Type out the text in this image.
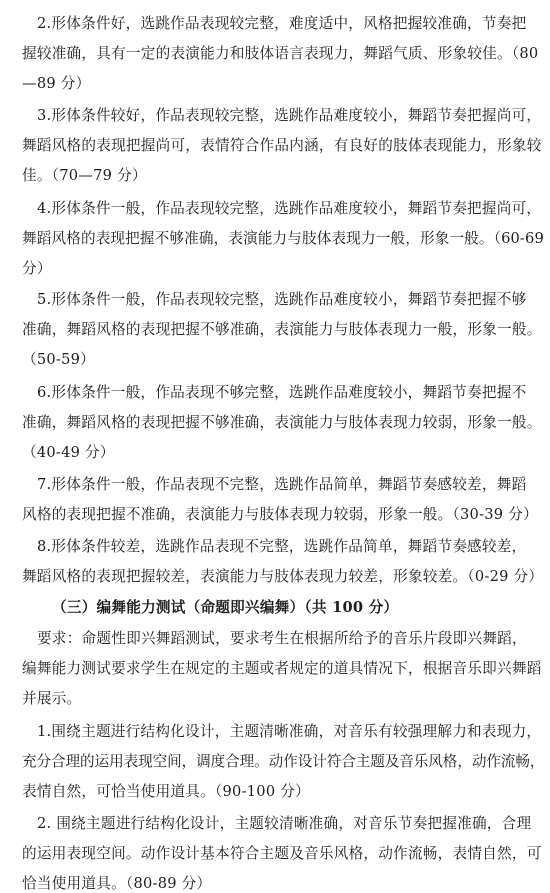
2.形体条件好，选跳作品表现较完整，难度适中，风格把握较准确，节奏把
握较准确，具有一定的表演能力和肢体语言表现力，舞蹈气质、形象较佳。（80
—89 分）
3.形体条件较好，作品表现较完整，选跳作品难度较小，舞蹈节奏把握尚可，
舞蹈风格的表现把握尚可，表情符合作品内涵，有良好的肢体表现能力，形象较
佳。（70—79 分）
4.形体条件一般，作品表现较完整，选跳作品难度较小，舞蹈节奏把握尚可，
舞蹈风格的表现把握不够准确，表演能力与肢体表现力一般，形象一般。（60-69
分）
5.形体条件一般，作品表现较完整，选跳作品难度较小，舞蹈节奏把握不够
准确，舞蹈风格的表现把握不够准确，表演能力与肢体表现力一般，形象一般。
（50-59）
6.形体条件一般，作品表现不够完整，选跳作品难度较小，舞蹈节奏把握不
准确，舞蹈风格的表现把握不够准确，表演能力与肢体表现力较弱，形象一般。
（40-49 分）
7.形体条件一般，作品表现不完整，选跳作品简单，舞蹈节奏感较差，舞蹈
风格的表现把握不准确，表演能力与肢体表现力较弱，形象一般。（30-39 分）
8.形体条件较差，选跳作品表现不完整，选跳作品简单，舞蹈节奏感较差，
舞蹈风格的表现把握较差，表演能力与肢体表现力较差，形象较差。（0-29 分）
（三）编舞能力测试（命题即兴编舞）（共 100 分）
要求：命题性即兴舞蹈测试，要求考生在根据所给予的音乐片段即兴舞蹈，
编舞能力测试要求学生在规定的主题或者规定的道具情况下，根据音乐即兴舞蹈
并展示。
1.围绕主题进行结构化设计，主题清晰准确，对音乐有较强理解力和表现力，
充分合理的运用表现空间，调度合理。动作设计符合主题及音乐风格，动作流畅，
表情自然，可恰当使用道具。（90-100 分）
2. 围绕主题进行结构化设计，主题较清晰准确，对音乐节奏把握准确，合理
的运用表现空间。动作设计基本符合主题及音乐风格，动作流畅，表情自然，可
恰当使用道具。（80-89 分）
